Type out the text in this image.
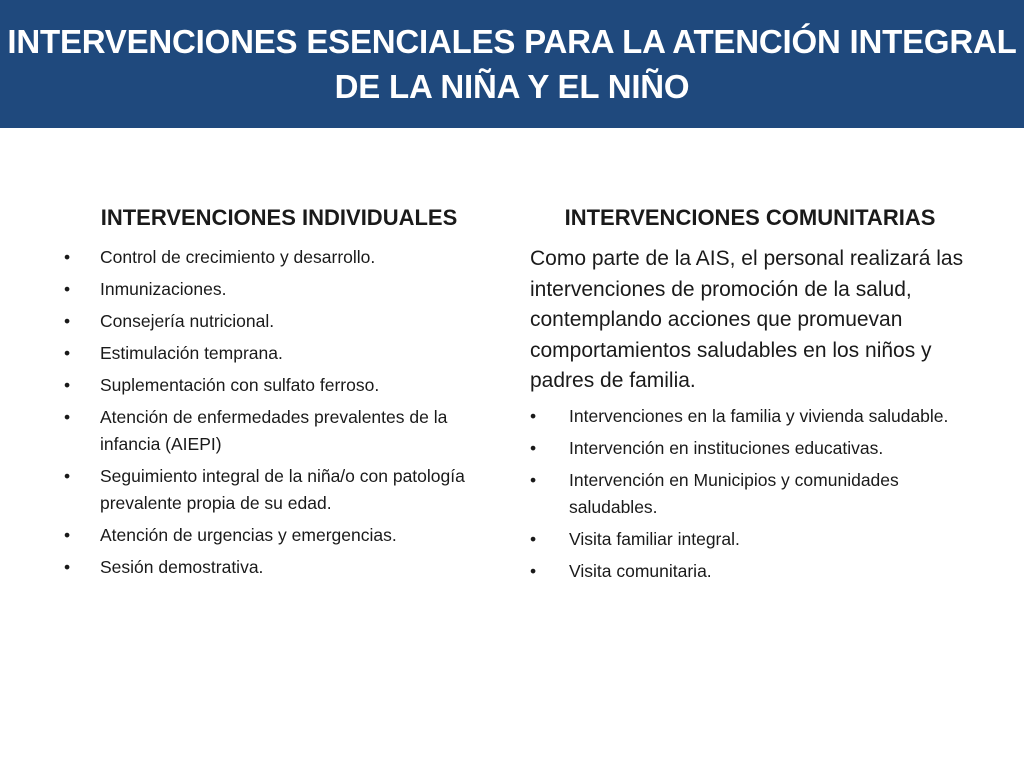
INTERVENCIONES ESENCIALES PARA LA ATENCIÓN INTEGRAL
DE LA NIÑA Y EL NIÑO
INTERVENCIONES INDIVIDUALES
•	Control de crecimiento y desarrollo.
•	Inmunizaciones.
•	Consejería nutricional.
•	Estimulación temprana.
•	Suplementación con sulfato ferroso.
•	Atención de enfermedades prevalentes de la infancia (AIEPI)
•	Seguimiento integral de la niña/o con patología prevalente propia de su edad.
•	Atención de urgencias y emergencias.
•	Sesión demostrativa.
INTERVENCIONES COMUNITARIAS

Como parte de la AIS, el personal realizará las intervenciones de promoción de la salud, contemplando acciones que promuevan comportamientos saludables en los niños y padres de familia.

•	Intervenciones en la familia y vivienda saludable.
•	Intervención en instituciones educativas.
•	Intervención en Municipios y comunidades saludables.
•	Visita familiar integral.
•	Visita comunitaria.
